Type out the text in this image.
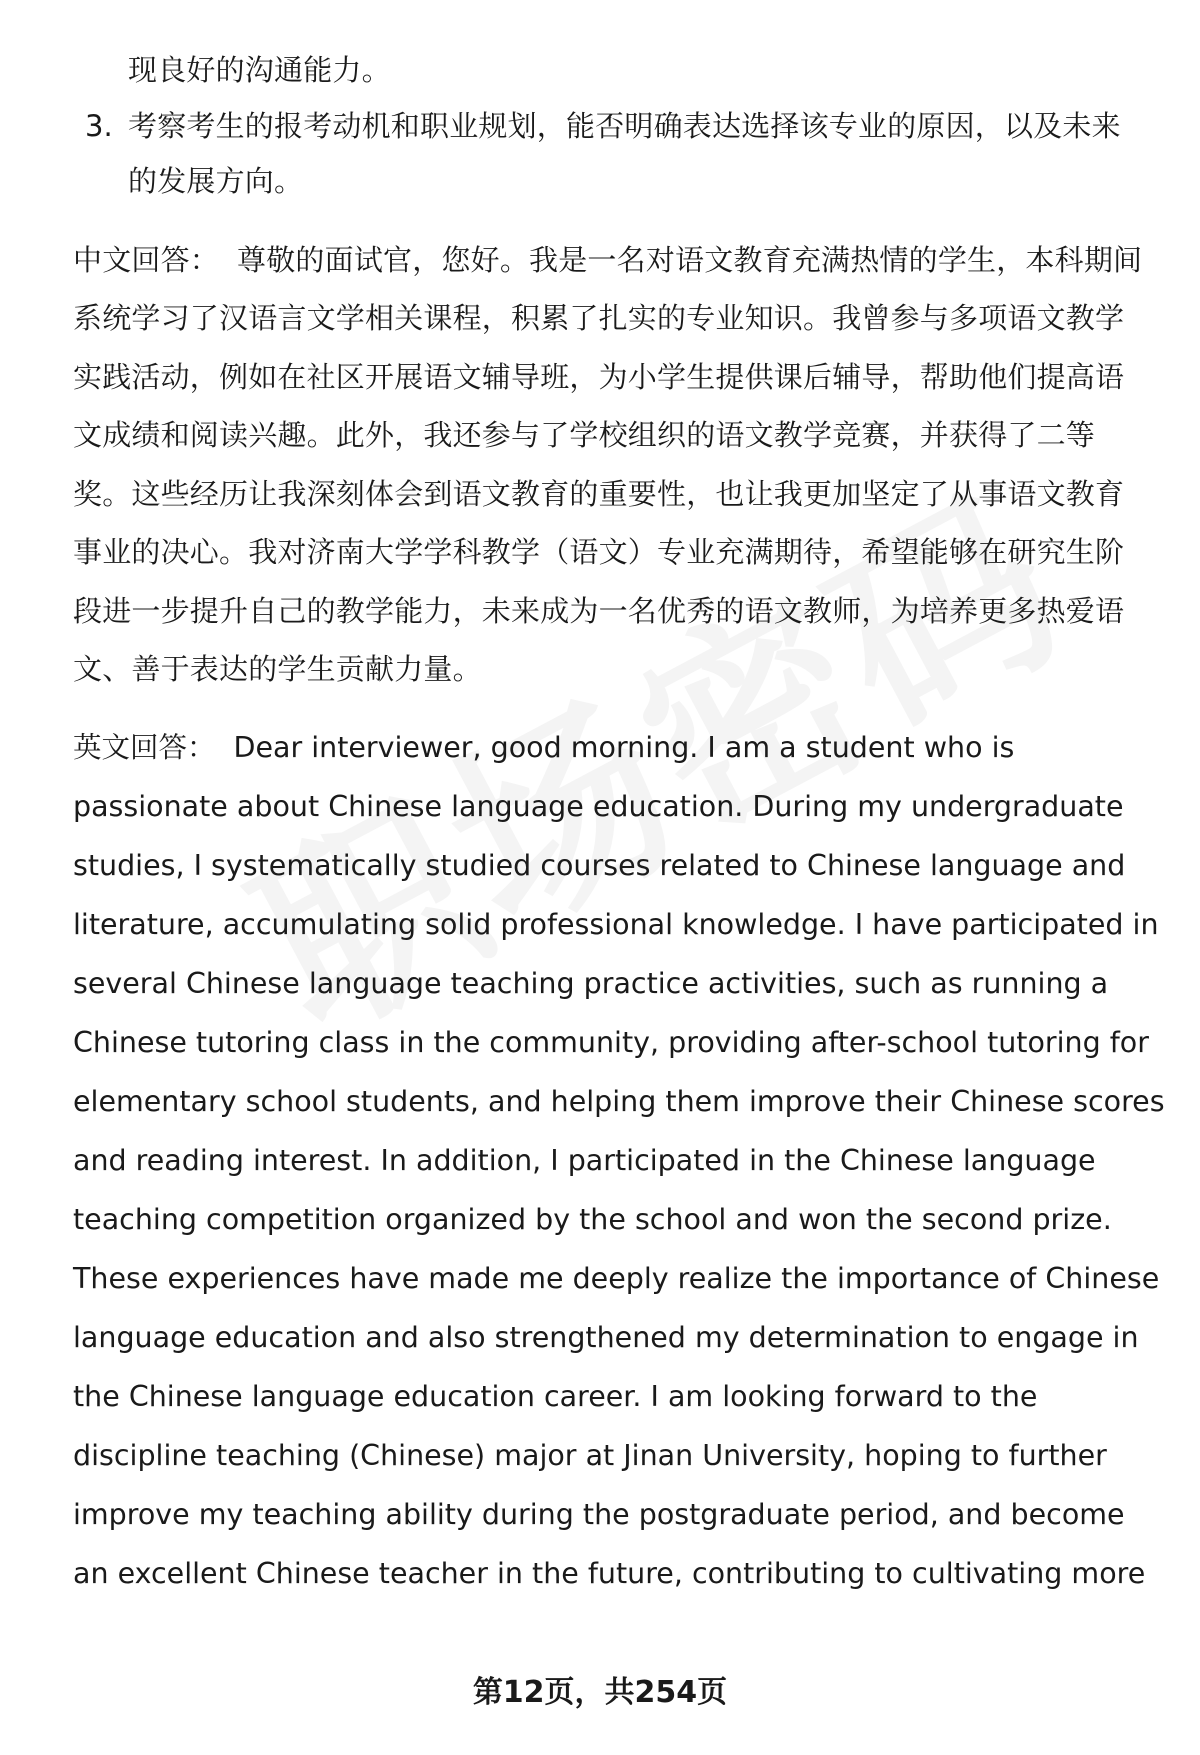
现良好的沟通能力。
3. 考察考生的报考动机和职业规划，能否明确表达选择该专业的原因，以及未来
的发展方向。
中文回答： 尊敬的面试官，您好。我是一名对语文教育充满热情的学生，本科期间
系统学习了汉语言文学相关课程，积累了扎实的专业知识。我曾参与多项语文教学
实践活动，例如在社区开展语文辅导班，为小学生提供课后辅导，帮助他们提高语
文成绩和阅读兴趣。此外，我还参与了学校组织的语文教学竞赛，并获得了二等
奖。这些经历让我深刻体会到语文教育的重要性，也让我更加坚定了从事语文教育
事业的决心。我对济南大学学科教学（语文）专业充满期待，希望能够在研究生阶
段进一步提升自己的教学能力，未来成为一名优秀的语文教师，为培养更多热爱语
文、善于表达的学生贡献力量。
英文回答： Dear interviewer, good morning. I am a student who is
passionate about Chinese language education. During my undergraduate
studies, I systematically studied courses related to Chinese language and
literature, accumulating solid professional knowledge. I have participated in
several Chinese language teaching practice activities, such as running a
Chinese tutoring class in the community, providing after-school tutoring for
elementary school students, and helping them improve their Chinese scores
and reading interest. In addition, I participated in the Chinese language
teaching competition organized by the school and won the second prize.
These experiences have made me deeply realize the importance of Chinese
language education and also strengthened my determination to engage in
the Chinese language education career. I am looking forward to the
discipline teaching (Chinese) major at Jinan University, hoping to further
improve my teaching ability during the postgraduate period, and become
an excellent Chinese teacher in the future, contributing to cultivating more
第12页，共254页
